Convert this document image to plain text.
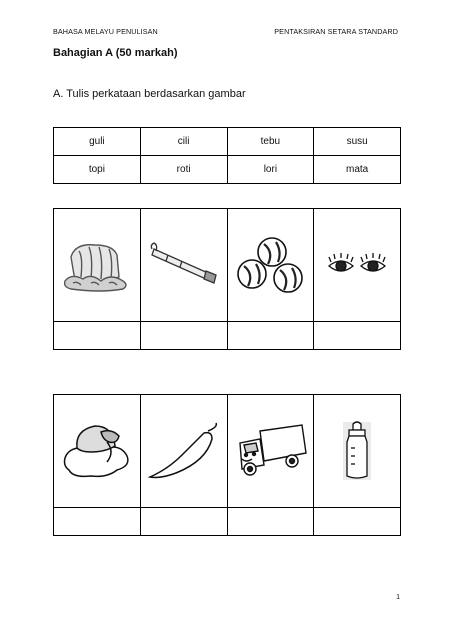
BAHASA MELAYU PENULISAN	PENTAKSIRAN SETARA STANDARD
Bahagian A (50 markah)
A. Tulis perkataan berdasarkan gambar
guli	cili	tebu	susu
topi	roti	lori	mata

1
